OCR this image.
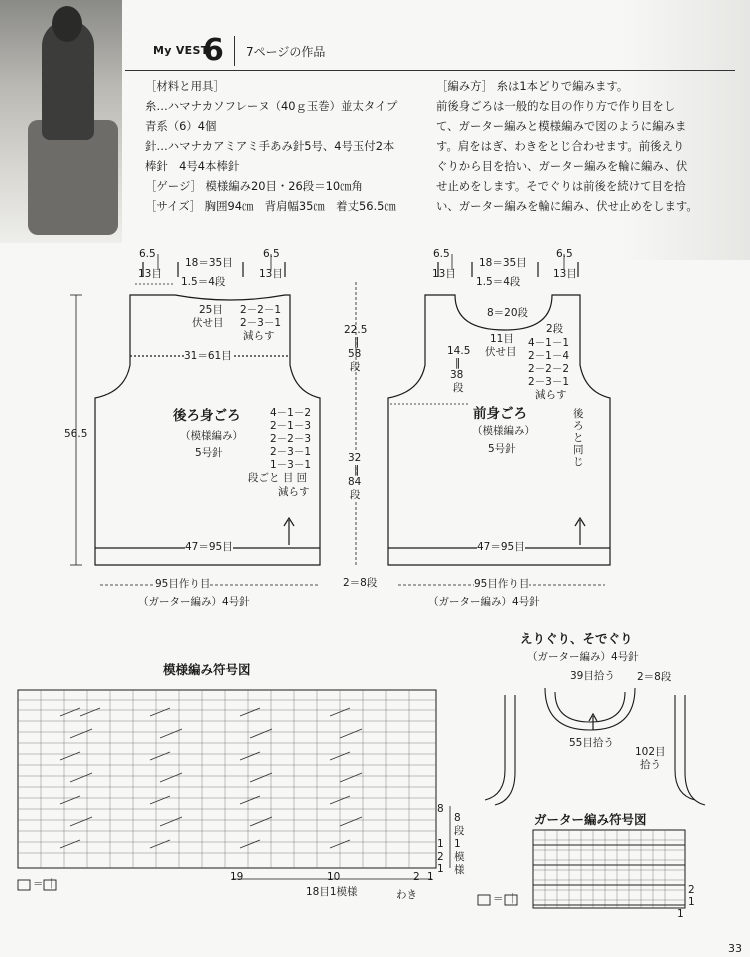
My VEST
6 7ページの作品
［材料と用具］
糸…ハマナカソフレーヌ（40ｇ玉巻）並太タイプ
青系（6）4個
針…ハマナカアミアミ手あみ針5号、4号玉付2本
棒針　4号4本棒針
［ゲージ］ 模様編み20目・26段＝10㎝角
［サイズ］ 胸囲94㎝　背肩幅35㎝　着丈56.5㎝
［編み方］ 糸は1本どりで編みます。
前後身ごろは一般的な目の作り方で作り目をし
て、ガーター編みと模様編みで図のように編みま
す。肩をはぎ、わきをとじ合わせます。前後えり
ぐりから目を拾い、ガーター編みを輪に編み、伏
せ止めをします。そでぐりは前後を続けて目を拾
い、ガーター編みを輪に編み、伏せ止めをします。
6.5
13目
18＝35目
6.5
13目
1.5＝4段
25目
伏せ目
2－2－1
2－3－1
減らす
31＝61目
56.5
後ろ身ごろ
（模様編み）
5号針
4－1－2
2－1－3
2－2－3
2－3－1
1－3－1
段ごと 目 回
減らす
47＝95目
95目作り目
（ガーター編み）4号針
22.5
‖
58
段
32
‖
84
段
2＝8段
6.5
13目
18＝35目
6.5
13目
1.5＝4段
8＝20段
11目
伏せ目
14.5
‖
38
段
2段
4－1－1
2－1－4
2－2－2
2－3－1
減らす
後ろと同じ
前身ごろ
（模様編み）
5号針
47＝95目
95目作り目
（ガーター編み）4号針
模様編み符号図
8
1
2
1
8
段
1
模
様
19	10	2 1
18目1模様	わき
＝ ｜
えりぐり、そでぐり
（ガーター編み）4号針
39目拾う 2＝8段
55目拾う
102目
拾う
ガーター編み符号図
2
1
1
＝ ｜
33
